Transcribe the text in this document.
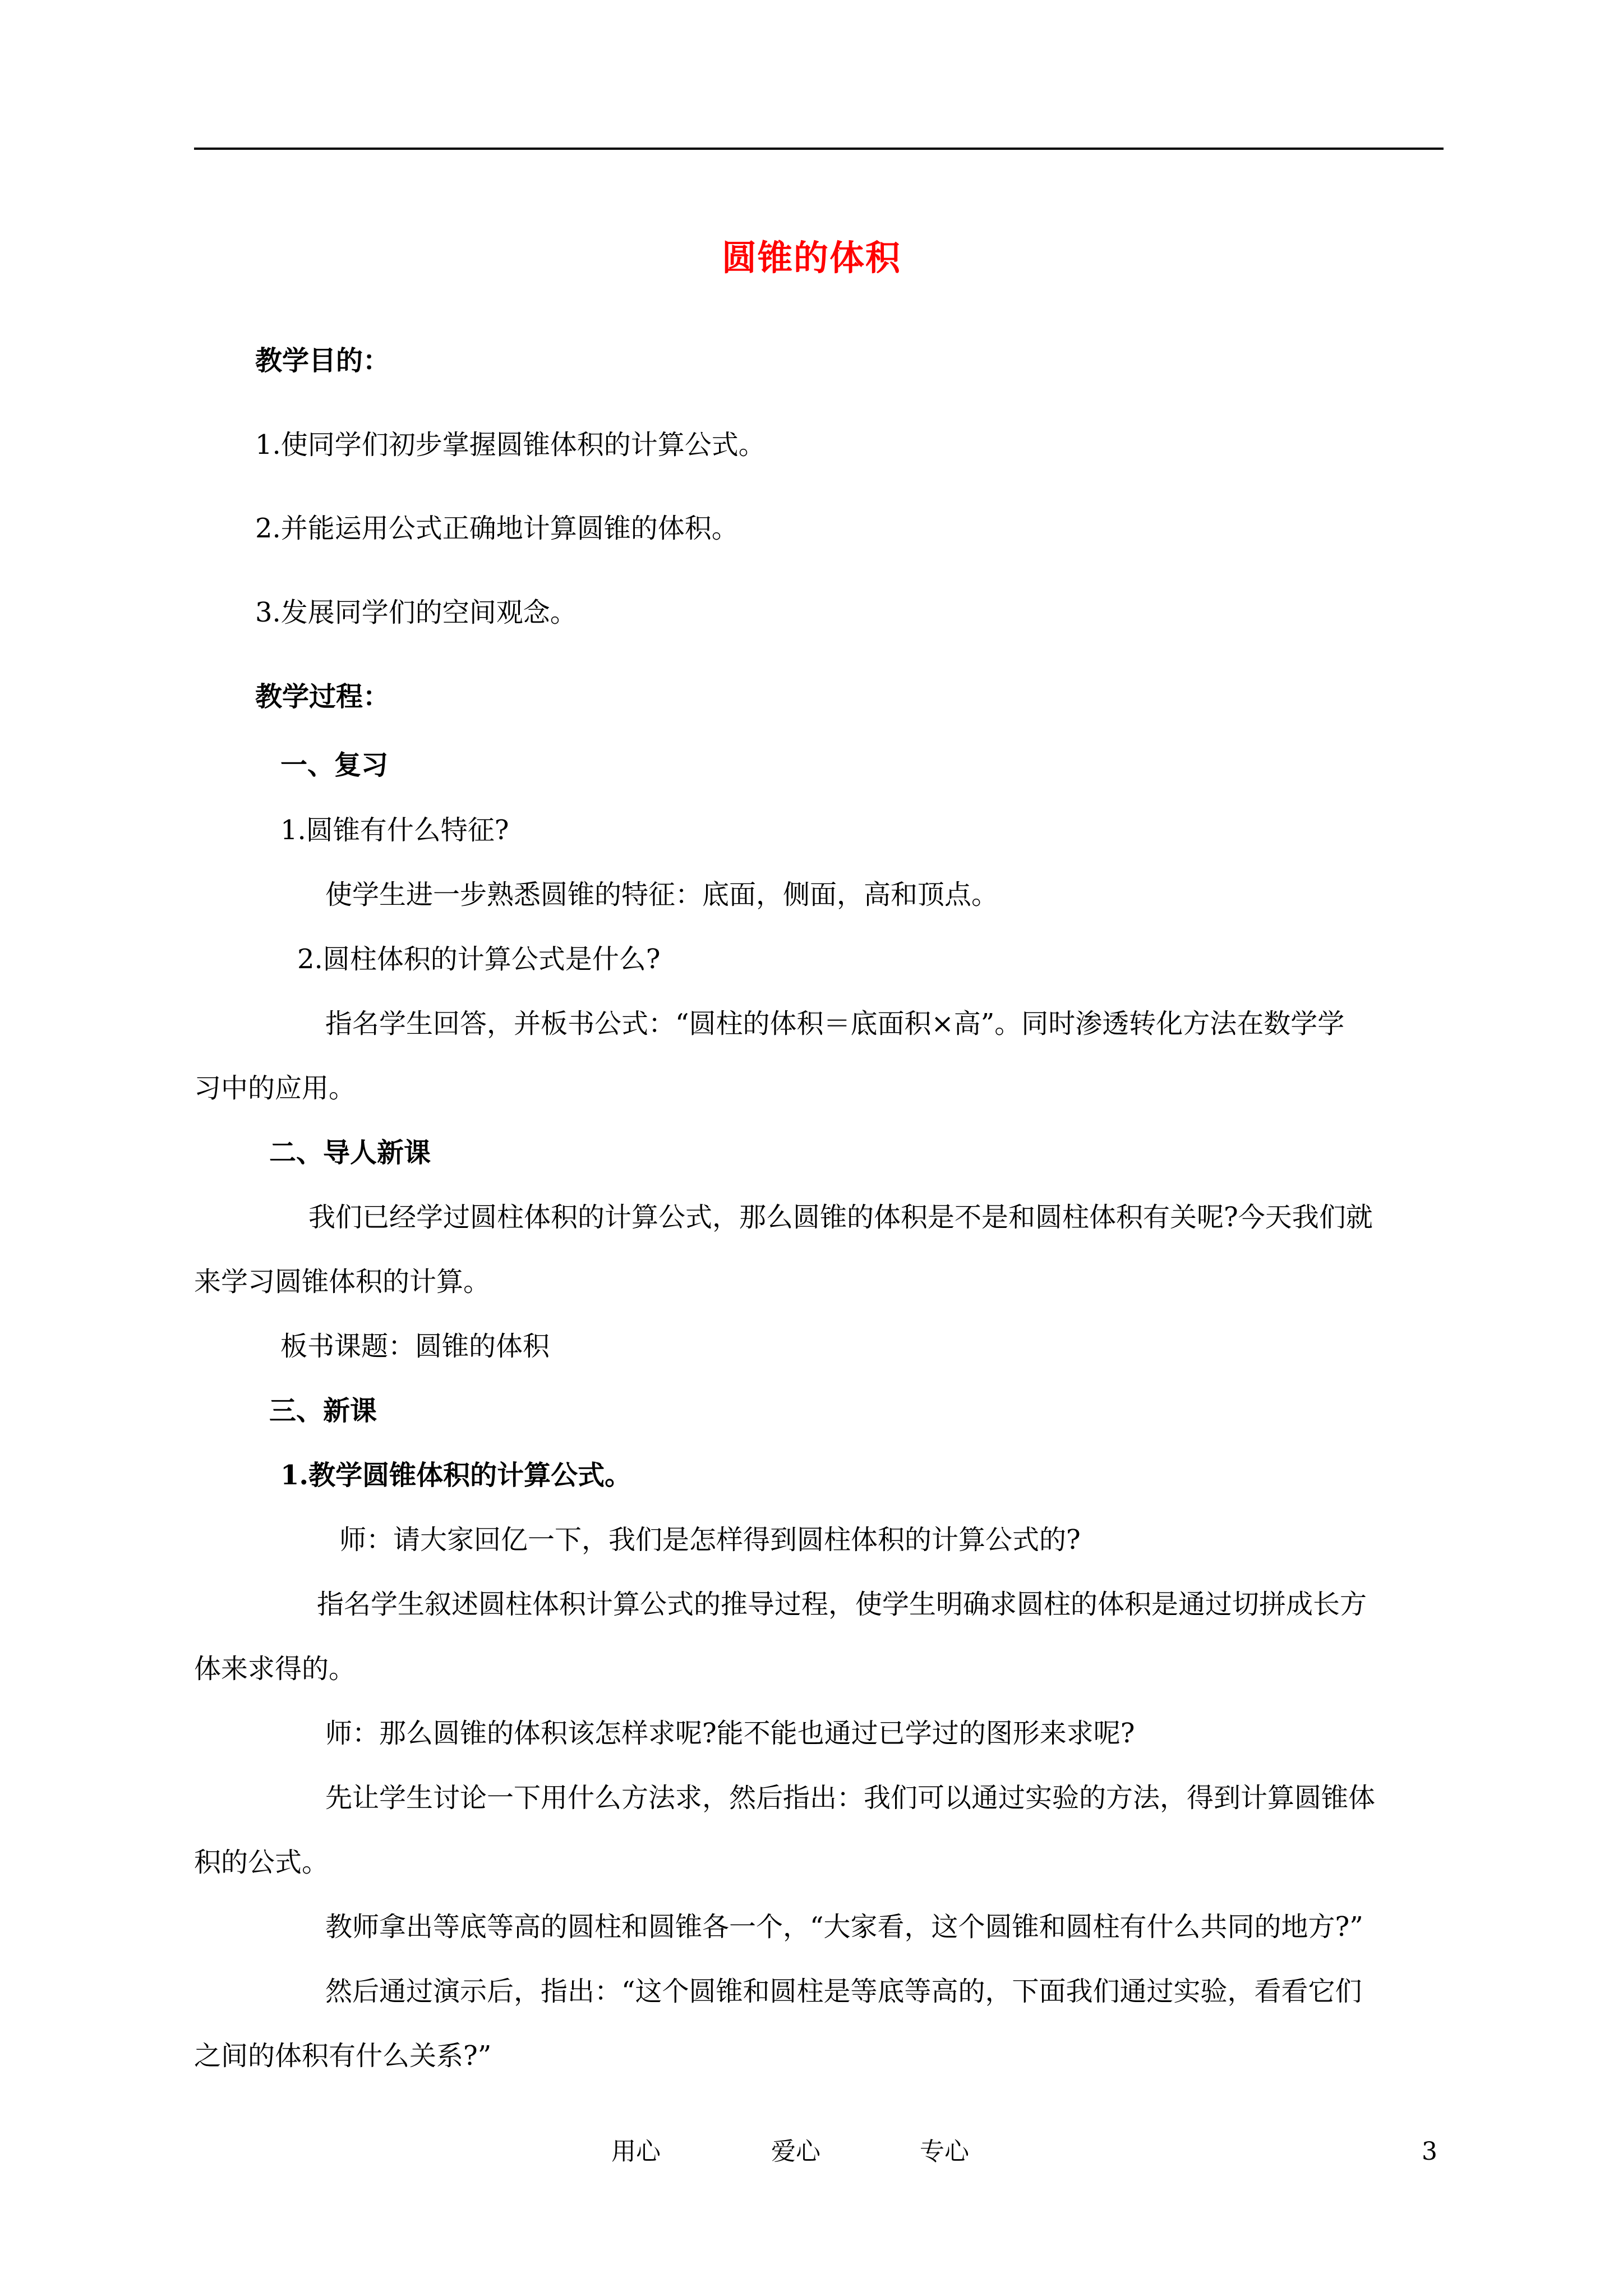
圆锥的体积
教学目的：
1.使同学们初步掌握圆锥体积的计算公式。
2.并能运用公式正确地计算圆锥的体积。
3.发展同学们的空间观念。
教学过程：
一、复习
1.圆锥有什么特征?
使学生进一步熟悉圆锥的特征：底面，侧面，高和顶点。
2.圆柱体积的计算公式是什么?
指名学生回答，并板书公式：“圆柱的体积＝底面积×高”。同时渗透转化方法在数学学
习中的应用。
二、导人新课
我们已经学过圆柱体积的计算公式，那么圆锥的体积是不是和圆柱体积有关呢?今天我们就
来学习圆锥体积的计算。
板书课题：圆锥的体积
三、新课
1.教学圆锥体积的计算公式。
师：请大家回亿一下，我们是怎样得到圆柱体积的计算公式的?
指名学生叙述圆柱体积计算公式的推导过程，使学生明确求圆柱的体积是通过切拼成长方
体来求得的。
师：那么圆锥的体积该怎样求呢?能不能也通过已学过的图形来求呢?
先让学生讨论一下用什么方法求，然后指出：我们可以通过实验的方法，得到计算圆锥体
积的公式。
教师拿出等底等高的圆柱和圆锥各一个，“大家看，这个圆锥和圆柱有什么共同的地方?”
然后通过演示后，指出：“这个圆锥和圆柱是等底等高的，下面我们通过实验，看看它们
之间的体积有什么关系?”
用心	爱心	专心	3
